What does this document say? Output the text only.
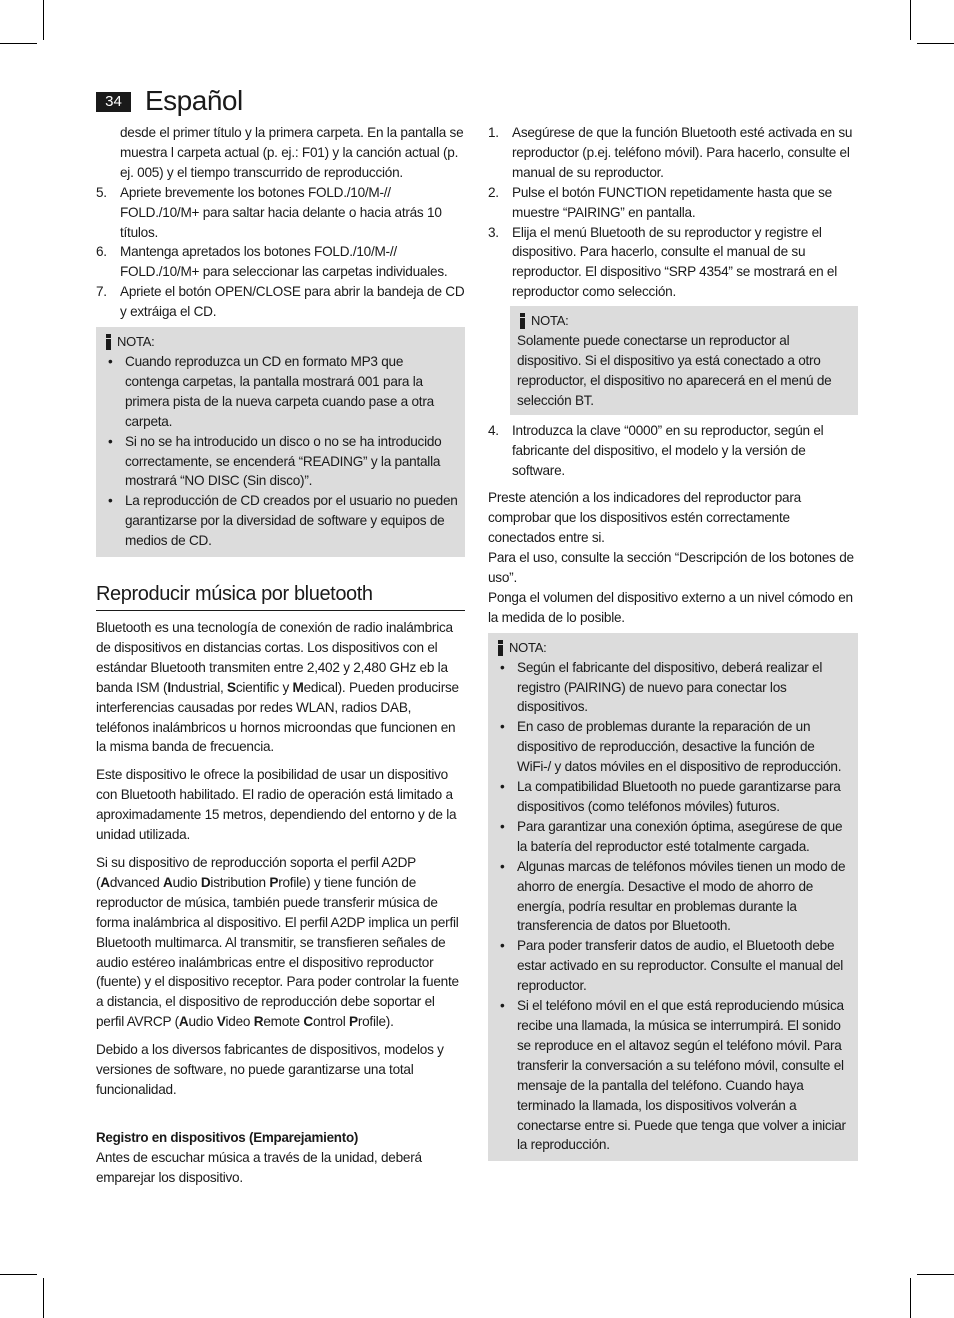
34 Español

desde el primer título y la primera carpeta. En la pantalla se muestra l carpeta actual (p. ej.: F01) y la canción actual (p. ej. 005) y el tiempo transcurrido de reproducción.

5. Apriete brevemente los botones FOLD./10/M-// FOLD./10/M+ para saltar hacia delante o hacia atrás 10 títulos.
6. Mantenga apretados los botones FOLD./10/M-// FOLD./10/M+ para seleccionar las carpetas individuales.
7. Apriete el botón OPEN/CLOSE para abrir la bandeja de CD y extráiga el CD.
NOTA:
• Cuando reproduzca un CD en formato MP3 que contenga carpetas, la pantalla mostrará 001 para la primera pista de la nueva carpeta cuando pase a otra carpeta.
• Si no se ha introducido un disco o no se ha introducido correctamente, se encenderá “READING” y la pantalla mostrará “NO DISC (Sin disco)”.
• La reproducción de CD creados por el usuario no pueden garantizarse por la diversidad de software y equipos de medios de CD.
Reproducir música por bluetooth

Bluetooth es una tecnología de conexión de radio inalámbrica de dispositivos en distancias cortas. Los dispositivos con el estándar Bluetooth transmiten entre 2,402 y 2,480 GHz eb la banda ISM (Industrial, Scientific y Medical). Pueden producirse interferencias causadas por redes WLAN, radios DAB, teléfonos inalámbricos u hornos microondas que funcionen en la misma banda de frecuencia.

Este dispositivo le ofrece la posibilidad de usar un dispositivo con Bluetooth habilitado. El radio de operación está limitado a aproximadamente 15 metros, dependiendo del entorno y de la unidad utilizada.

Si su dispositivo de reproducción soporta el perfil A2DP (Advanced Audio Distribution Profile) y tiene función de reproductor de música, también puede transferir música de forma inalámbrica al dispositivo. El perfil A2DP implica un perfil Bluetooth multimarca. Al transmitir, se transfieren señales de audio estéreo inalámbricas entre el dispositivo reproductor (fuente) y el dispositivo receptor. Para poder controlar la fuente a distancia, el dispositivo de reproducción debe soportar el perfil AVRCP (Audio Video Remote Control Profile).

Debido a los diversos fabricantes de dispositivos, modelos y versiones de software, no puede garantizarse una total funcionalidad.

Registro en dispositivos (Emparejamiento)

Antes de escuchar música a través de la unidad, deberá emparejar los dispositivo.

1. Asegúrese de que la función Bluetooth esté activada en su reproductor (p.ej. teléfono móvil). Para hacerlo, consulte el manual de su reproductor.
2. Pulse el botón FUNCTION repetidamente hasta que se muestre “PAIRING” en pantalla.
3. Elija el menú Bluetooth de su reproductor y registre el dispositivo. Para hacerlo, consulte el manual de su reproductor. El dispositivo “SRP 4354” se mostrará en el reproductor como selección.
NOTA:

Solamente puede conectarse un reproductor al dispositivo. Si el dispositivo ya está conectado a otro reproductor, el dispositivo no aparecerá en el menú de selección BT.

4. Introduzca la clave “0000” en su reproductor, según el fabricante del dispositivo, el modelo y la versión de software.

Preste atención a los indicadores del reproductor para comprobar que los dispositivos estén correctamente conectados entre si.

Para el uso, consulte la sección “Descripción de los botones de uso”.

Ponga el volumen del dispositivo externo a un nivel cómodo en la medida de lo posible.

NOTA:
• Según el fabricante del dispositivo, deberá realizar el registro (PAIRING) de nuevo para conectar los dispositivos.
• En caso de problemas durante la reparación de un dispositivo de reproducción, desactive la función de WiFi-/ y datos móviles en el dispositivo de reproducción.
• La compatibilidad Bluetooth no puede garantizarse para dispositivos (como teléfonos móviles) futuros.
• Para garantizar una conexión óptima, asegúrese de que la batería del reproductor esté totalmente cargada.
• Algunas marcas de teléfonos móviles tienen un modo de ahorro de energía. Desactive el modo de ahorro de energía, podría resultar en problemas durante la transferencia de datos por Bluetooth.
• Para poder transferir datos de audio, el Bluetooth debe estar activado en su reproductor. Consulte el manual del reproductor.
• Si el teléfono móvil en el que está reproduciendo música recibe una llamada, la música se interrumpirá. El sonido se reproduce en el altavoz según el teléfono móvil. Para transferir la conversación a su teléfono móvil, consulte el mensaje de la pantalla del teléfono. Cuando haya terminado la llamada, los dispositivos volverán a conectarse entre si. Puede que tenga que volver a iniciar la reproducción.
